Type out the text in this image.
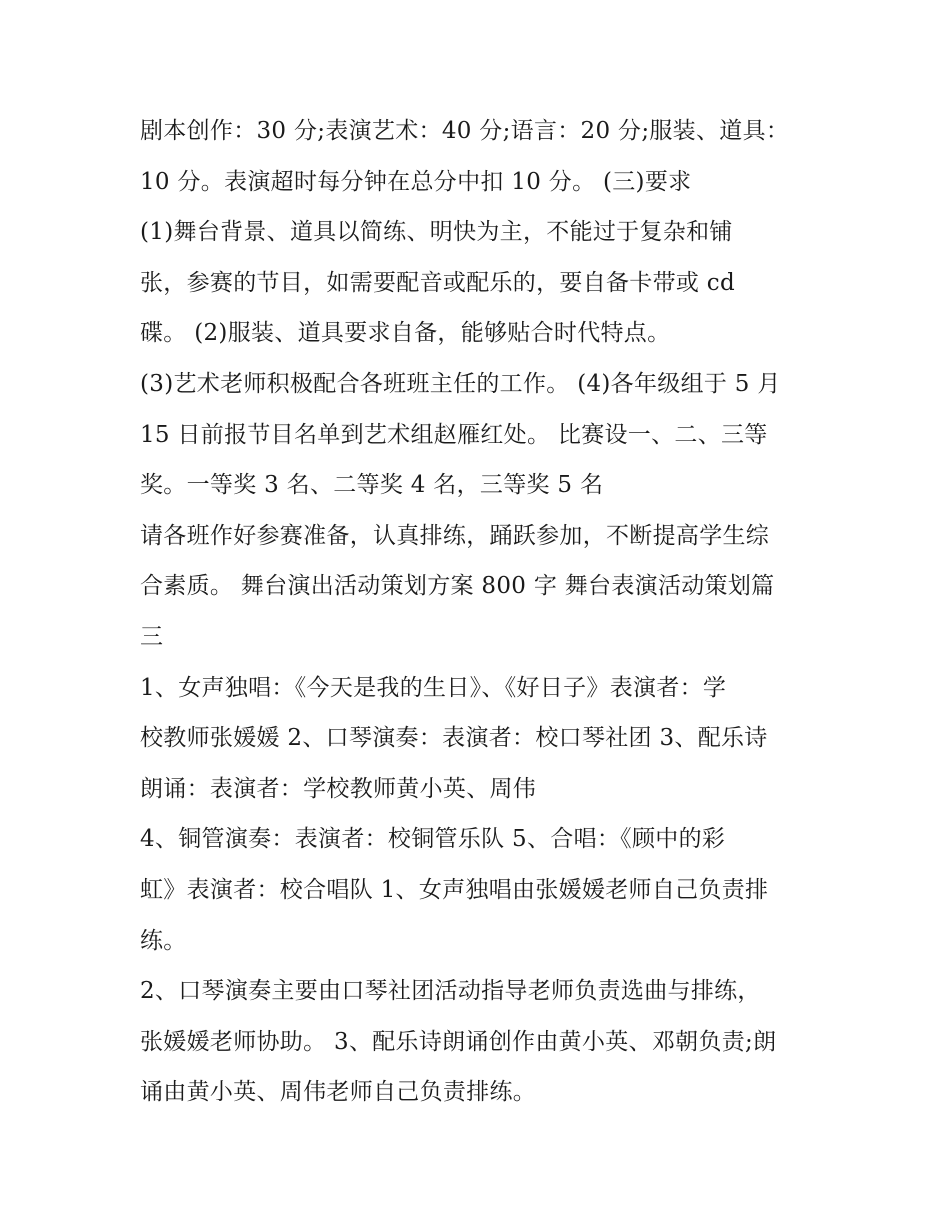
剧本创作：30 分;表演艺术：40 分;语言：20 分;服装、道具：
10 分。表演超时每分钟在总分中扣 10 分。 (三)要求
(1)舞台背景、道具以简练、明快为主，不能过于复杂和铺
张，参赛的节目，如需要配音或配乐的，要自备卡带或 cd
碟。 (2)服装、道具要求自备，能够贴合时代特点。
(3)艺术老师积极配合各班班主任的工作。 (4)各年级组于 5 月
15 日前报节目名单到艺术组赵雁红处。 比赛设一、二、三等
奖。一等奖 3 名、二等奖 4 名，三等奖 5 名
请各班作好参赛准备，认真排练，踊跃参加，不断提高学生综
合素质。 舞台演出活动策划方案 800 字 舞台表演活动策划篇
三
1、女声独唱：《今天是我的生日》、《好日子》表演者：学
校教师张媛媛 2、口琴演奏：表演者：校口琴社团 3、配乐诗
朗诵：表演者：学校教师黄小英、周伟
4、铜管演奏：表演者：校铜管乐队 5、合唱：《顾中的彩
虹》表演者：校合唱队 1、女声独唱由张媛媛老师自己负责排
练。
2、口琴演奏主要由口琴社团活动指导老师负责选曲与排练，
张媛媛老师协助。 3、配乐诗朗诵创作由黄小英、邓朝负责;朗
诵由黄小英、周伟老师自己负责排练。
